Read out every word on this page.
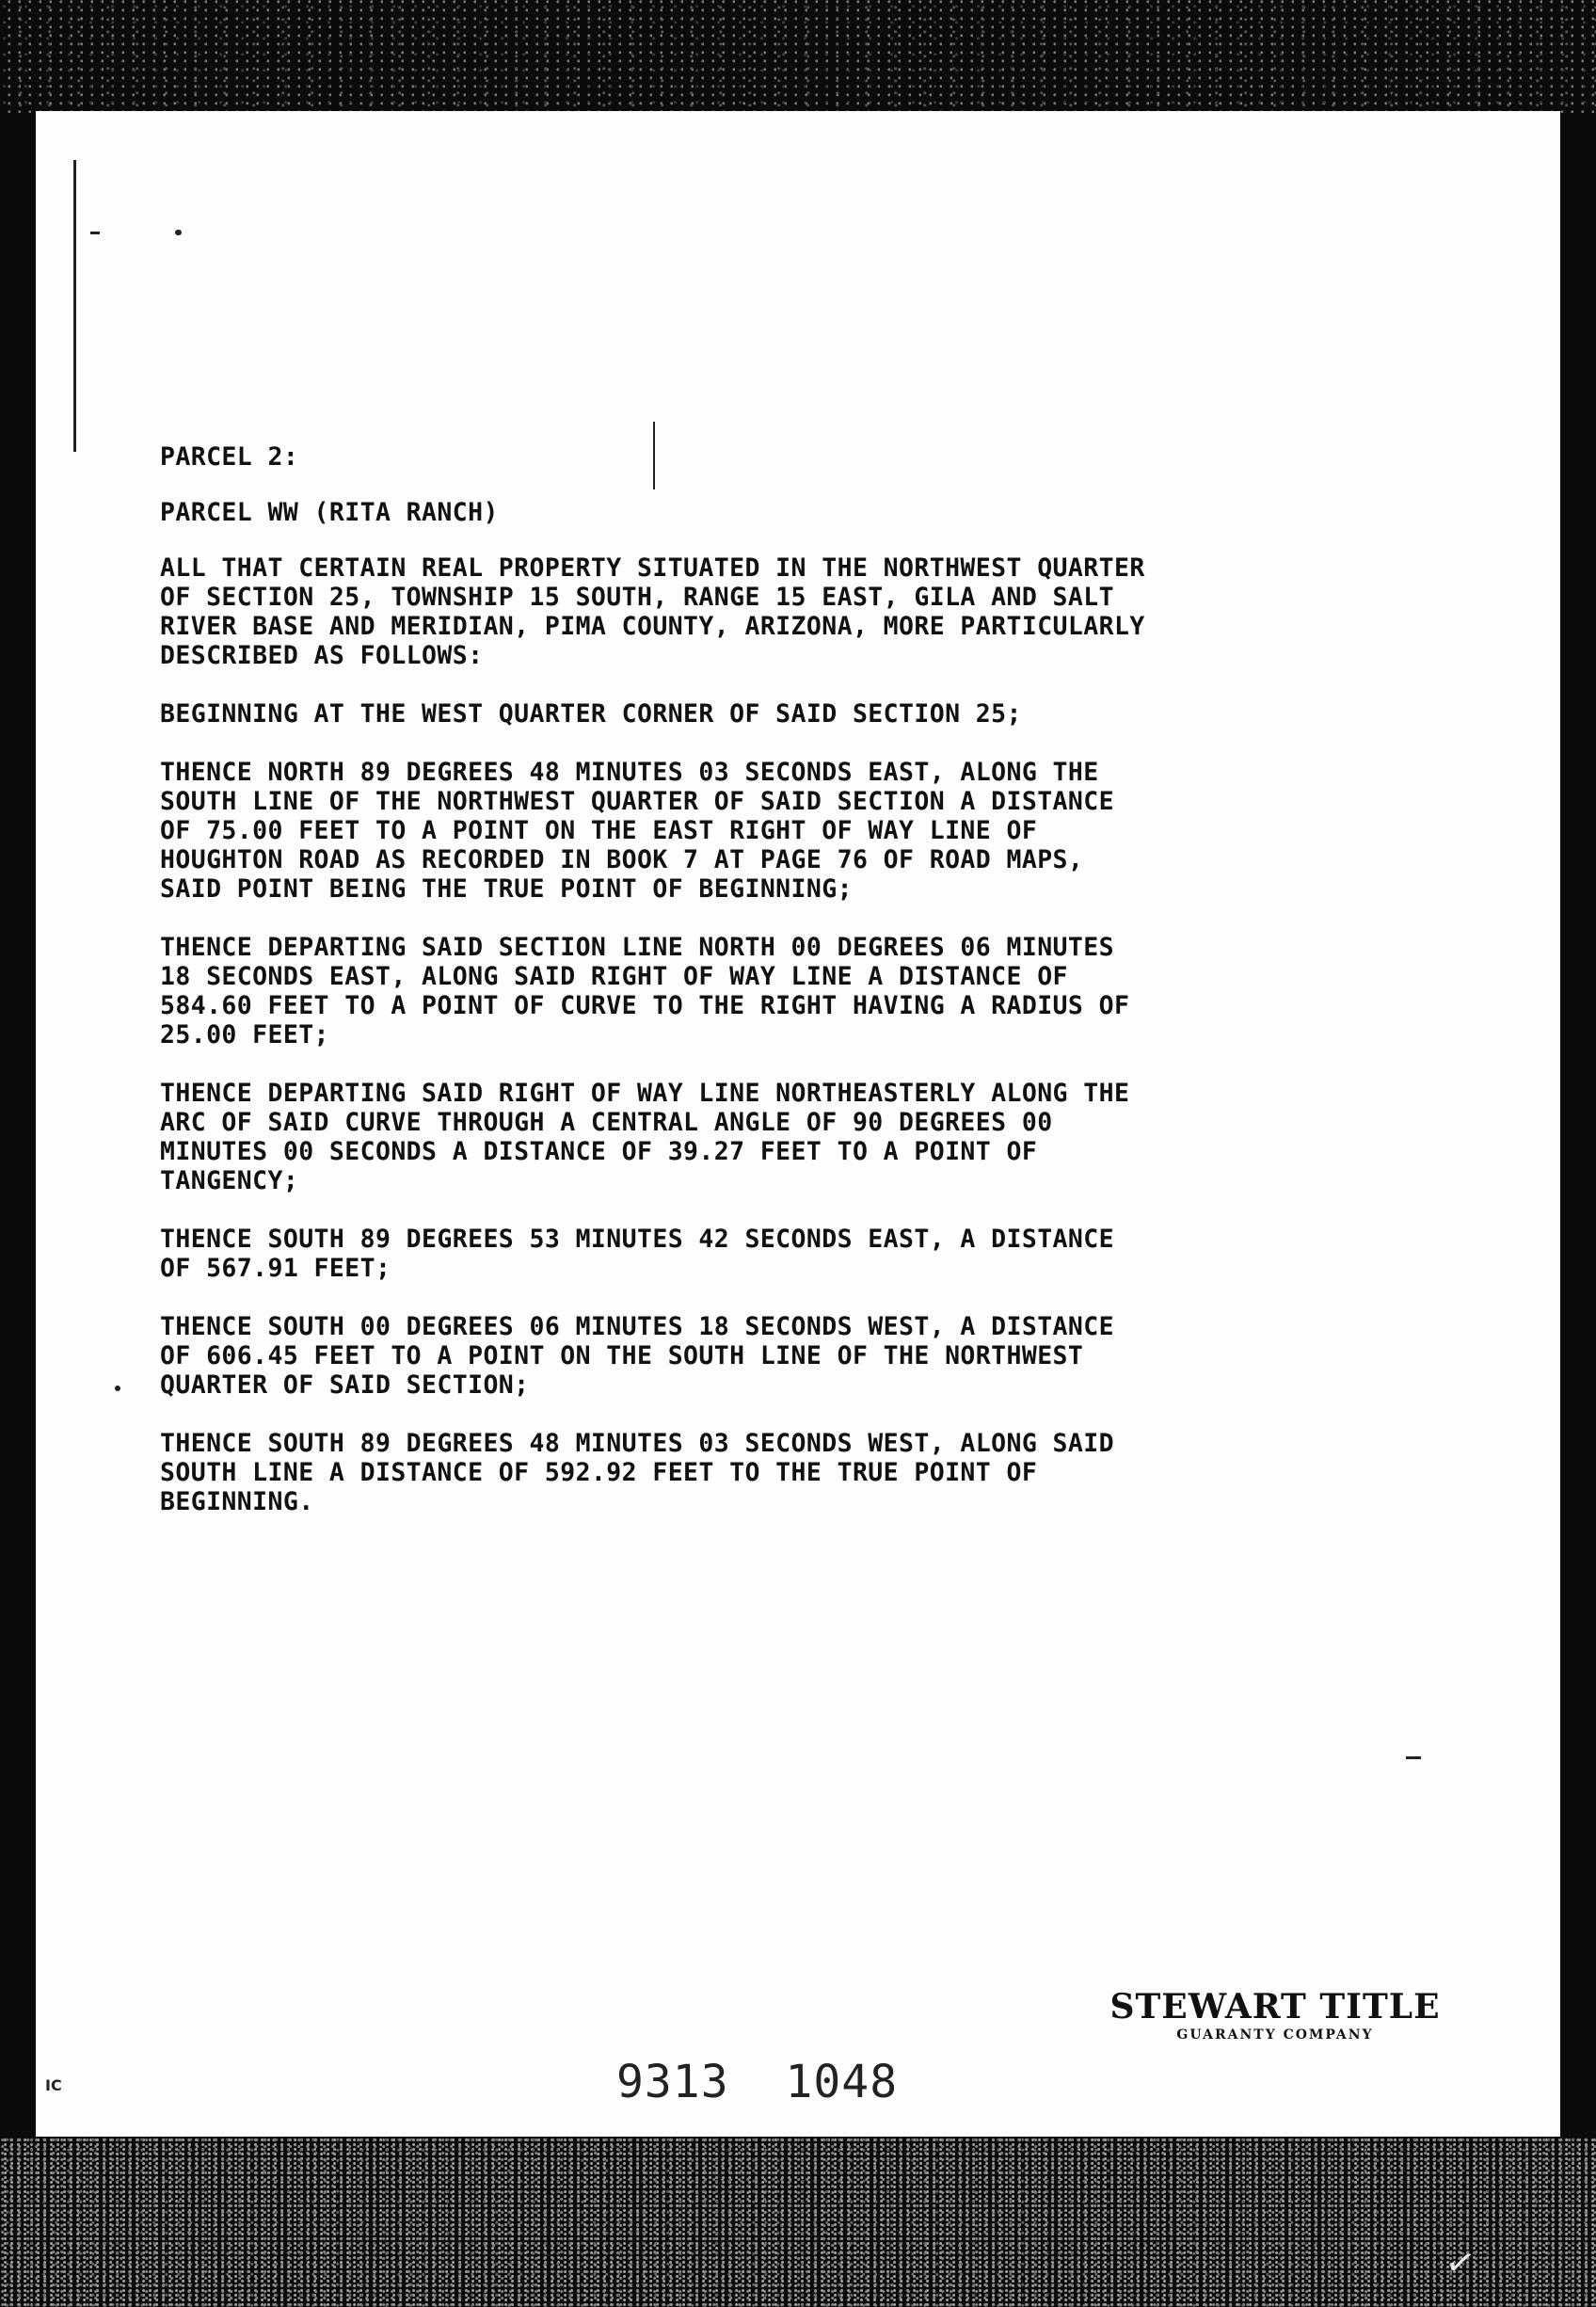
PARCEL 2:
PARCEL WW (RITA RANCH)
ALL THAT CERTAIN REAL PROPERTY SITUATED IN THE NORTHWEST QUARTER
OF SECTION 25, TOWNSHIP 15 SOUTH, RANGE 15 EAST, GILA AND SALT
RIVER BASE AND MERIDIAN, PIMA COUNTY, ARIZONA, MORE PARTICULARLY
DESCRIBED AS FOLLOWS:
BEGINNING AT THE WEST QUARTER CORNER OF SAID SECTION 25;
THENCE NORTH 89 DEGREES 48 MINUTES 03 SECONDS EAST, ALONG THE
SOUTH LINE OF THE NORTHWEST QUARTER OF SAID SECTION A DISTANCE
OF 75.00 FEET TO A POINT ON THE EAST RIGHT OF WAY LINE OF
HOUGHTON ROAD AS RECORDED IN BOOK 7 AT PAGE 76 OF ROAD MAPS,
SAID POINT BEING THE TRUE POINT OF BEGINNING;
THENCE DEPARTING SAID SECTION LINE NORTH 00 DEGREES 06 MINUTES
18 SECONDS EAST, ALONG SAID RIGHT OF WAY LINE A DISTANCE OF
584.60 FEET TO A POINT OF CURVE TO THE RIGHT HAVING A RADIUS OF
25.00 FEET;
THENCE DEPARTING SAID RIGHT OF WAY LINE NORTHEASTERLY ALONG THE
ARC OF SAID CURVE THROUGH A CENTRAL ANGLE OF 90 DEGREES 00
MINUTES 00 SECONDS A DISTANCE OF 39.27 FEET TO A POINT OF
TANGENCY;
THENCE SOUTH 89 DEGREES 53 MINUTES 42 SECONDS EAST, A DISTANCE
OF 567.91 FEET;
THENCE SOUTH 00 DEGREES 06 MINUTES 18 SECONDS WEST, A DISTANCE
OF 606.45 FEET TO A POINT ON THE SOUTH LINE OF THE NORTHWEST
QUARTER OF SAID SECTION;
THENCE SOUTH 89 DEGREES 48 MINUTES 03 SECONDS WEST, ALONG SAID
SOUTH LINE A DISTANCE OF 592.92 FEET TO THE TRUE POINT OF
BEGINNING.
STEWART TITLE
GUARANTY COMPANY
9313 1048
IC
✓
